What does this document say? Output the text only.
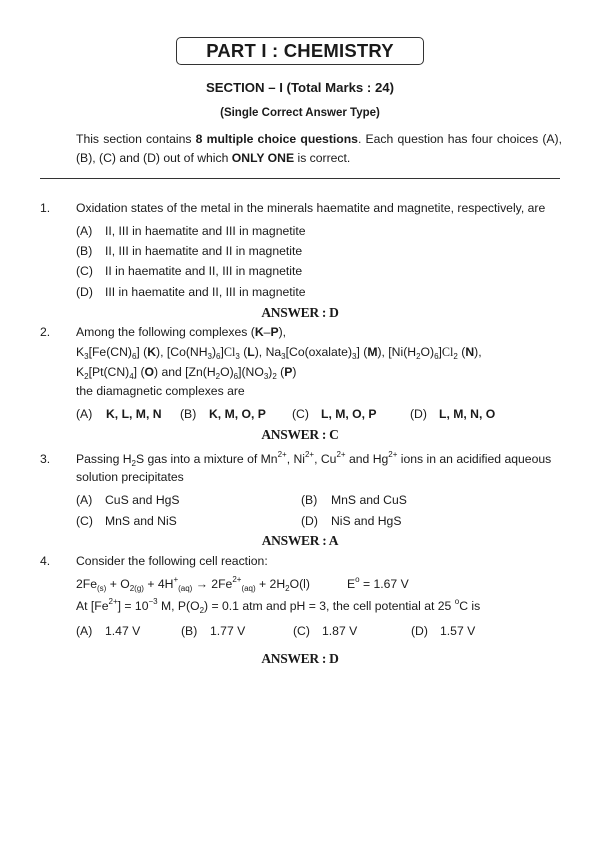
PART I : CHEMISTRY
SECTION – I (Total Marks : 24)
(Single Correct Answer Type)
This section contains 8 multiple choice questions. Each question has four choices (A), (B), (C) and (D) out of which ONLY ONE is correct.
1. Oxidation states of the metal in the minerals haematite and magnetite, respectively, are
(A) II, III in haematite and III in magnetite
(B) II, III in haematite and II in magnetite
(C) II in haematite and II, III in magnetite
(D) III in haematite and II, III in magnetite
ANSWER : D
2. Among the following complexes (K–P),
$K_3[Fe(CN)_6]$ (K), $[Co(NH_3)_6]Cl_3$ (L), $Na_3[Co(oxalate)_3]$ (M), $[Ni(H_2O)_6]Cl_2$ (N),
$K_2[Pt(CN)_4]$ (O) and $[Zn(H_2O)_6](NO_3)_2$ (P)
the diamagnetic complexes are
(A) K, L, M, N (B) K, M, O, P (C) L, M, O, P	(D) L, M, N, O
ANSWER : C
3. Passing $H_2S$ gas into a mixture of $Mn^{2+}$, $Ni^{2+}$, $Cu^{2+}$ and $Hg^{2+}$ ions in an acidified aqueous
solution precipitates
(A) CuS and HgS	(B) MnS and CuS
(C) MnS and NiS	(D) NiS and HgS
ANSWER : A
4. Consider the following cell reaction:
$2Fe_{(s)} + O_{2(g)} + 4H^+_{(aq)} \to 2Fe^{2+}_{(aq)} + 2H_2O(l)$	$E^o = 1.67$ V
At $[Fe^{2+}] = 10^{-3}$ M, $P(O_2) = 0.1$ atm and pH = 3, the cell potential at 25 $^o$C is
(A) 1.47 V	(B) 1.77 V	(C) 1.87 V	(D) 1.57 V
ANSWER : D
